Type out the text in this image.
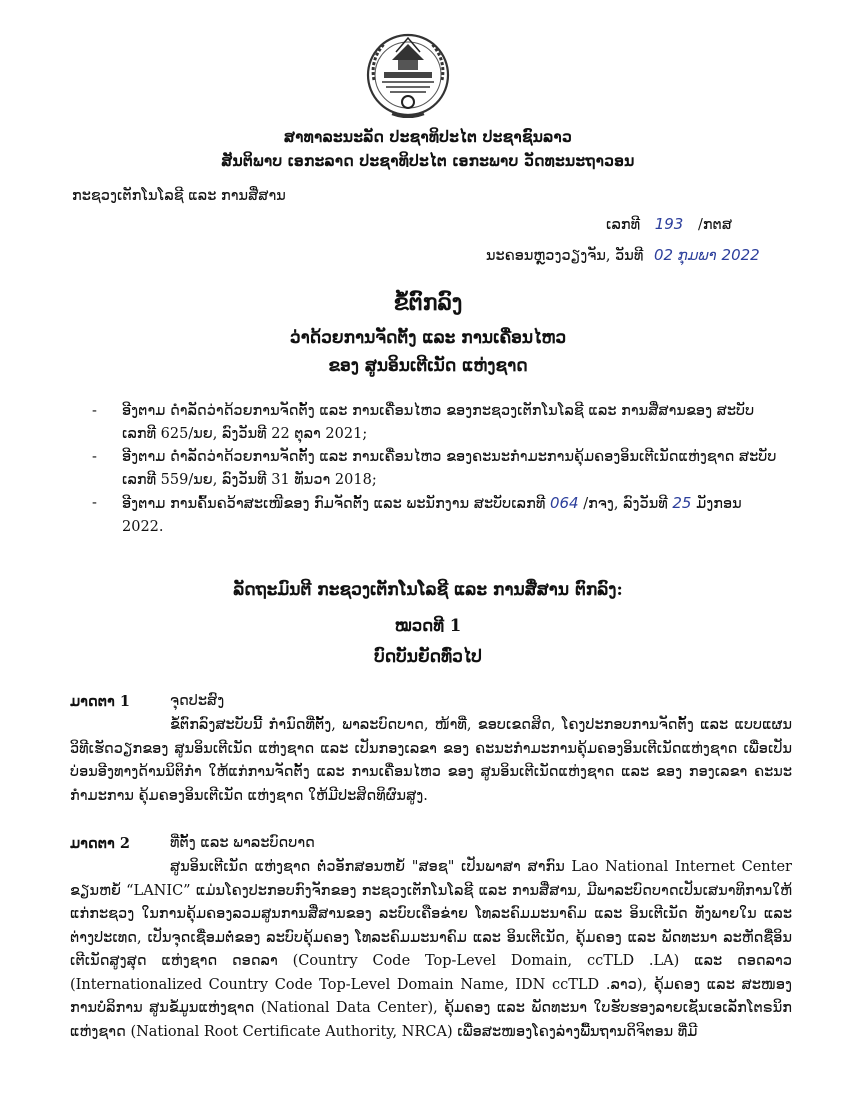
ສາທາລະນະລັດ ປະຊາທິປະໄຕ ປະຊາຊົນລາວ
ສັນຕິພາບ ເອກະລາດ ປະຊາທິປະໄຕ ເອກະພາບ ວັດທະນະຖາວອນ
ກະຊວງເຕັກໂນໂລຊີ ແລະ ການສື່ສານ
ເລກທີ 193 /ກຕສ
ນະຄອນຫຼວງວຽງຈັນ, ວັນທີ 02 ກຸມພາ 2022
ຂໍ້ຕົກລົງ
ວ່າດ້ວຍການຈັດຕັ້ງ ແລະ ການເຄື່ອນໄຫວ
ຂອງ ສູນອິນເຕີເນັດ ແຫ່ງຊາດ
- ອີງຕາມ ດຳລັດວ່າດ້ວຍການຈັດຕັ້ງ ແລະ ການເຄື່ອນໄຫວ ຂອງກະຊວງເຕັກໂນໂລຊີ ແລະ ການສື່ສານຂອງ ສະບັບເລກທີ 625/ນຍ, ລົງວັນທີ 22 ຕຸລາ 2021;
- ອີງຕາມ ດຳລັດວ່າດ້ວຍການຈັດຕັ້ງ ແລະ ການເຄື່ອນໄຫວ ຂອງຄະນະກຳມະການຄຸ້ມຄອງອິນເຕີເນັດແຫ່ງຊາດ ສະບັບເລກທີ 559/ນຍ, ລົງວັນທີ 31 ທັນວາ 2018;
- ອີງຕາມ ການຄົ້ນຄວ້າສະເໜີຂອງ ກົມຈັດຕັ້ງ ແລະ ພະນັກງານ ສະບັບເລກທີ 064 /ກຈງ, ລົງວັນທີ 25 ມັງກອນ 2022.
ລັດຖະມົນຕີ ກະຊວງເຕັກໂນໂລຊີ ແລະ ການສື່ສານ ຕົກລົງ:
ໝວດທີ 1
ບົດບັນຍັດທົ່ວໄປ
ມາດຕາ 1	ຈຸດປະສົງ
ຂໍ້ຕົກລົງສະບັບນີ້ ກຳນົດທີ່ຕັ້ງ, ພາລະບົດບາດ, ໜ້າທີ່, ຂອບເຂດສິດ, ໂຄງປະກອບການຈັດຕັ້ງ ແລະ ແບບແຜນວິທີເຮັດວຽກຂອງ ສູນອິນເຕີເນັດ ແຫ່ງຊາດ ແລະ ເປັນກອງເລຂາ ຂອງ ຄະນະກຳມະການຄຸ້ມຄອງອິນເຕີເນັດແຫ່ງຊາດ ເພື່ອເປັນບ່ອນອີງທາງດ້ານນິຕິກຳ ໃຫ້ແກ່ການຈັດຕັ້ງ ແລະ ການເຄື່ອນໄຫວ ຂອງ ສູນອິນເຕີເນັດແຫ່ງຊາດ ແລະ ຂອງ ກອງເລຂາ ຄະນະກຳມະການ ຄຸ້ມຄອງອິນເຕີເນັດ ແຫ່ງຊາດ ໃຫ້ມີປະສິດທິຜົນສູງ.
ມາດຕາ 2	ທີ່ຕັ້ງ ແລະ ພາລະບົດບາດ
ສູນອິນເຕີເນັດ ແຫ່ງຊາດ ຕໍ່ວອັກສອນຫຍໍ້ "ສອຊ" ເປັນພາສາ ສາກົນ Lao National Internet Center ຂຽນຫຍໍ້ “LANIC” ແມ່ນໂຄງປະກອບກົງຈັກຂອງ ກະຊວງເຕັກໂນໂລຊີ ແລະ ການສື່ສານ, ມີພາລະບົດບາດເປັນເສນາທິການໃຫ້ແກ່ກະຊວງ ໃນການຄຸ້ມຄອງລວມສູນການສື່ສານຂອງ ລະບົບເຄືອຂ່າຍ ໂທລະຄົມມະນາຄົມ ແລະ ອິນເຕີເນັດ ທັງພາຍໃນ ແລະ ຕ່າງປະເທດ, ເປັນຈຸດເຊື່ອມຕໍ່ຂອງ ລະບົບຄຸ້ມຄອງ ໂທລະຄົມມະນາຄົມ ແລະ ອິນເຕີເນັດ, ຄຸ້ມຄອງ ແລະ ພັດທະນາ ລະຫັດຊື່ອິນເຕີເນັດສູງສຸດ ແຫ່ງຊາດ ດອດລາ (Country Code Top-Level Domain, ccTLD .LA) ແລະ ດອດລາວ (Internationalized Country Code Top-Level Domain Name, IDN ccTLD .ລາວ), ຄຸ້ມຄອງ ແລະ ສະໜອງການບໍລິການ ສູນຂໍ້ມູນແຫ່ງຊາດ (National Data Center), ຄຸ້ມຄອງ ແລະ ພັດທະນາ ໃບຮັບຮອງລາຍເຊັນເອເລັກໂຕຣນິກແຫ່ງຊາດ (National Root Certificate Authority, NRCA) ເພື່ອສະໜອງໂຄງລ່າງພື້ນຖານດິຈິຕອນ ທີ່ມີ
